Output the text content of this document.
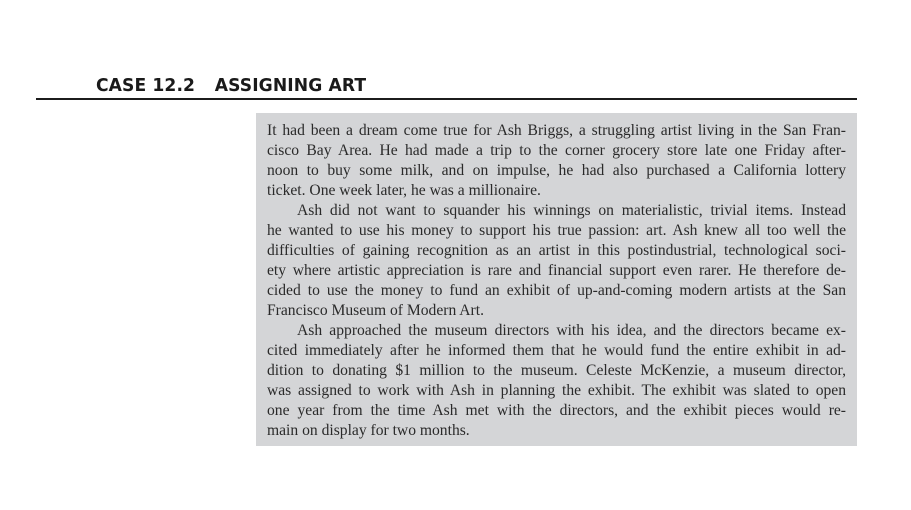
CASE 12.2 ASSIGNING ART
It had been a dream come true for Ash Briggs, a struggling artist living in the San Fran-
cisco Bay Area. He had made a trip to the corner grocery store late one Friday after-
noon to buy some milk, and on impulse, he had also purchased a California lottery
ticket. One week later, he was a millionaire.
Ash did not want to squander his winnings on materialistic, trivial items. Instead
he wanted to use his money to support his true passion: art. Ash knew all too well the
difficulties of gaining recognition as an artist in this postindustrial, technological soci-
ety where artistic appreciation is rare and financial support even rarer. He therefore de-
cided to use the money to fund an exhibit of up-and-coming modern artists at the San
Francisco Museum of Modern Art.
Ash approached the museum directors with his idea, and the directors became ex-
cited immediately after he informed them that he would fund the entire exhibit in ad-
dition to donating $1 million to the museum. Celeste McKenzie, a museum director,
was assigned to work with Ash in planning the exhibit. The exhibit was slated to open
one year from the time Ash met with the directors, and the exhibit pieces would re-
main on display for two months.
